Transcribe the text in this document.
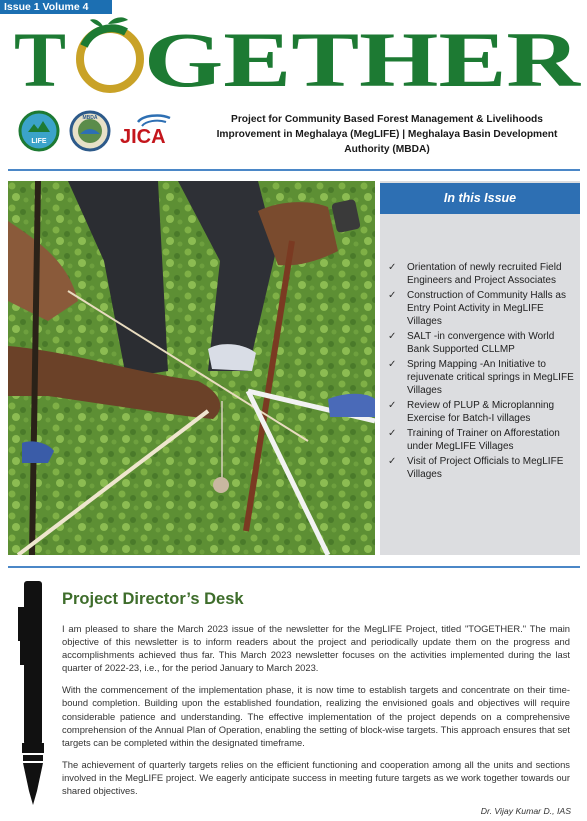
Issue 1 Volume 4
T GETHER
LIFE
MBDA
JICA
Project for Community Based Forest Management & Livelihoods Improvement in Meghalaya (MegLIFE) | Meghalaya Basin Development Authority (MBDA)
In this Issue
✓ Orientation of newly recruited Field Engineers and Project Associates
✓ Construction of Community Halls as Entry Point Activity in MegLIFE Villages
✓ SALT -in convergence with World Bank Supported CLLMP
✓ Spring Mapping -An Initiative to rejuvenate critical springs in MegLIFE Villages
✓ Review of PLUP & Microplanning Exercise for Batch-I villages
✓ Training of Trainer on Afforestation under MegLIFE Villages
✓ Visit of Project Officials to MegLIFE Villages
Project Director’s Desk

I am pleased to share the March 2023 issue of the newsletter for the MegLIFE Project, titled "TOGETHER." The main objective of this newsletter is to inform readers about the project and periodically update them on the progress and accomplishments achieved thus far. This March 2023 newsletter focuses on the activities implemented during the last quarter of 2022-23, i.e., for the period January to March 2023.

With the commencement of the implementation phase, it is now time to establish targets and concentrate on their time-bound completion. Building upon the established foundation, realizing the envisioned goals and objectives will require considerable patience and understanding. The effective implementation of the project depends on a comprehensive comprehension of the Annual Plan of Operation, enabling the setting of block-wise targets. This approach ensures that set targets can be completed within the designated timeframe.

The achievement of quarterly targets relies on the efficient functioning and cooperation among all the units and sections involved in the MegLIFE project. We eagerly anticipate success in meeting future targets as we work together towards our shared objectives.

Dr. Vijay Kumar D., IAS
